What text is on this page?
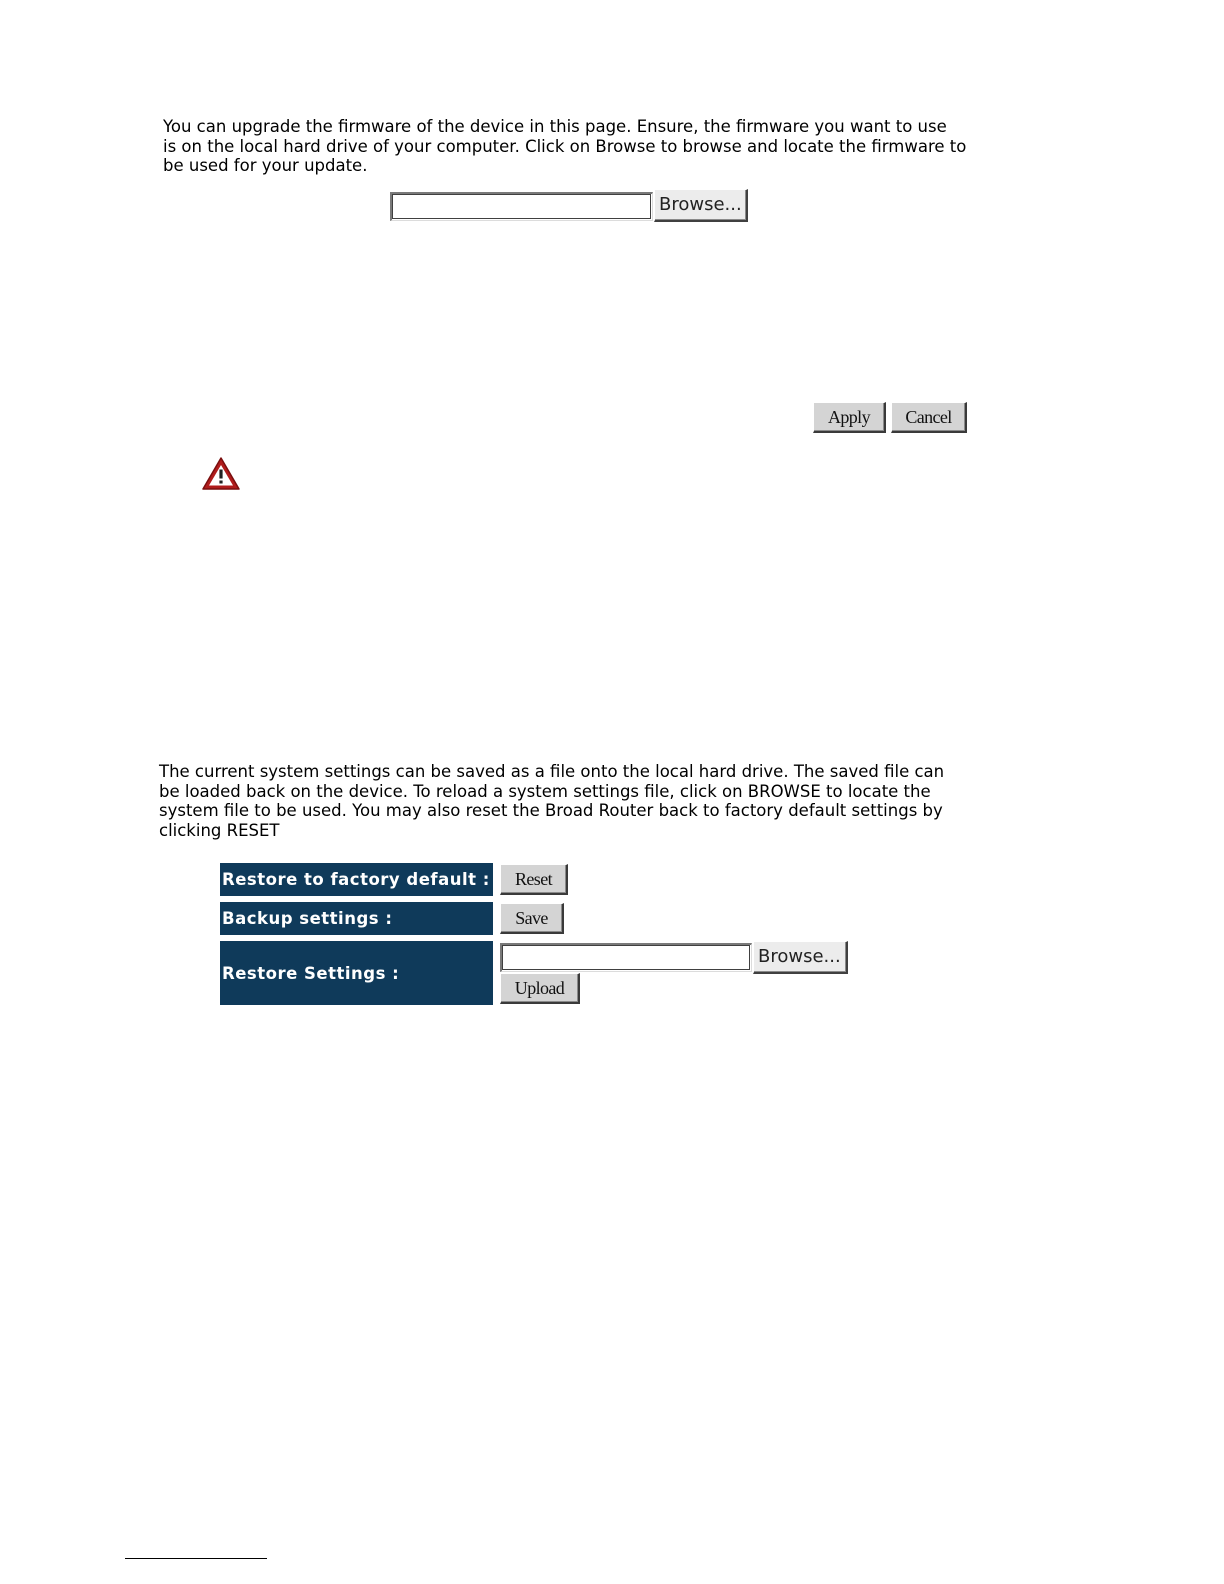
You can upgrade the firmware of the device in this page. Ensure, the firmware you want to use
is on the local hard drive of your computer. Click on Browse to browse and locate the firmware to
be used for your update.
Browse...
Apply	Cancel
The current system settings can be saved as a file onto the local hard drive. The saved file can
be loaded back on the device. To reload a system settings file, click on BROWSE to locate the
system file to be used. You may also reset the Broad Router back to factory default settings by
clicking RESET
Restore to factory default :	Reset
Backup settings :	Save
Restore Settings :
Browse...
Upload
